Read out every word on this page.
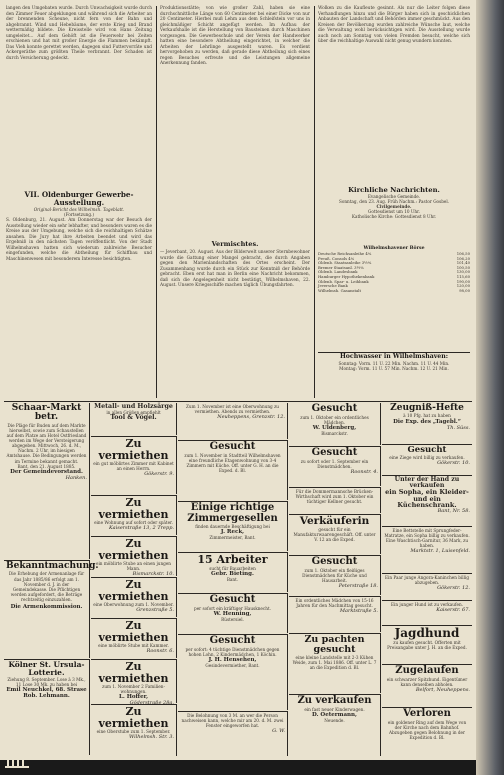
langen den Umgebaten wurde. Durch Unwachsigkeit wurde durch den Zimmer Feuer abgeklungen und während sich die Arbeiter an der brennenden Scheune, nicht fern von der Bahn und abgebrannt. Wind und Hebebäume, der erste Krieg und Brand wettermäßig bildete. Die Kreisstelle wird von Hans Zeitung umgeleitet... Auf dem Gehöft ist die Feuerwehr bei Zeiten erschienen und hat mit großer Energie die Flammen bekämpft. Das Vieh konnte gerettet werden, dagegen sind Futtervorräte und Ackergeräthe zum größten Theile verbrannt. Der Schaden ist durch Versicherung gedeckt.
VII. Oldenburger Gewerbe-Ausstellung.
Original-Bericht des Wilhelmsh. Tageblatt.
(Fortsetzung.)
S. Oldenburg, 21. August. Am Donnerstag war der Besuch der Ausstellung wieder ein sehr lebhafter, und besonders waren es die Kreise aus der Umgebung, welche sich die reichhaltigen Schätze ansahen. Die Jury hat ihre Arbeiten beendet und wird das Ergebniß in den nächsten Tagen veröffentlicht. Von der Stadt Wilhelmshaven hatten sich wiederum zahlreiche Besucher eingefunden, welche die Abtheilung für Schiffbau und Maschinenwesen mit besonderem Interesse besichtigten.
Produktionsstätte; von wie großer Zahl, haben sie eine durchschnittliche Länge von 60 Centimeter bei einer Dicke von nur 20 Centimeter. Hierbei muß Lehm aus dem Schleifstein vor uns in gleichmäßiger Schicht angefügt werden. Im Aufbau der Verkaufshalle ist die Herstellung von Bausteinen durch Maschinen vorgezogen. Die Gewerbeschule und der Verein der Handwerker hatten eine besondere Abtheilung eingerichtet, in welcher die Arbeiten der Lehrlinge ausgestellt waren. Es verdient hervorgehoben zu werden, daß gerade diese Abtheilung sich eines regen Besuches erfreute und die Leistungen allgemeine Anerkennung fanden.
Vermischtes.
— Jeverbant, 20. August. Aus der Bilderwelt unserer Sternbewohner wurde die Gattung einer Mangel gebracht, die durch Angaben gegen den Marienlandschaften des Ortes erscheint. Der Zusammenhang wurde durch ein Stück zur Kenntniß der Behörde gebracht. Eben erst hat man in Berlin eine Nachricht bekommen, daß sich die Angelegenheit nicht bestätigt. Wilhelmshaven, 22. August. Unsere Kriegsschiffe machen täglich Übungsfahrten.
Wolken zu die Kaufleute gesinnt. Als nur die Leiter folgen diese Verhandlungen hinzu und die Bürger haben sich in geschicklichen Anbauten der Landschaft und Behörden immer geschmückt. Aus den Kreisen der Bevölkerung wurden zahlreiche Wünsche laut, welche die Verwaltung wohl berücksichtigen wird. Die Ausstellung wurde auch noch am Sonntag von vielen Fremden besucht, welche sich über die reichhaltige Auswahl nicht genug wundern konnten.
Kirchliche Nachrichten.
Evangelische Gemeinde.
Sonntag, den 23. Aug. Früh Nachm.: Pastor Gosbel.
Civilgemeinde.
Gottesdienst um 10 Uhr.
Katholische Kirche: Gottesdienst 8 Uhr.
Wilhelmshavener Börse
Deutsche Reichsanleihe 4%	106,50
Preuß. Consols 4%	106,20
Oldenb. Staatsanleihe 3½%	101,40
Bremer Staatsanl. 3½%	100,50
Oldenb. Landesbank	130,00
Hamburger Hypothekenbank	115,60
Oldenb. Spar- u. Leihbank	190,00
Jeversche Bank	120,00
Wilhelmsh. Gasanstalt	98,00
Hochwasser in Wilhelmshaven:
Sonntag: Vorm. 11 U. 22 Min. Nachm. 11 U. 44 Min.
Montag: Vorm. 11 U. 57 Min. Nachm. 12 U. 21 Min.
Schaar-Markt betr.
Die Pläge für Buden auf dem Markte hierselbst, sowie zum Schaustellen auf dem Platze am Hotel Ostfriesland werden im Wege der Versteigerung abgegeben. Mittwoch, 26. d. M., Nachm. 2 Uhr, im hiesigen Amtshause. Die Bedingungen werden im Termine bekannt gemacht.
Bant, den 21. August 1885.
Der Gemeindevorstand.
Hanken.
Bekanntmachung.
Die Erhebung der Armenanlage für das Jahr 1885/86 erfolgt am 1. November d. J. in der Gemeindekasse. Die Pflichtigen werden aufgefordert, die Beträge rechtzeitig einzuzahlen.
Die Armenkommission.
Kölner St. Ursula-Lotterie.
Ziehung 8. September. Lose à 3 Mk., 11 Lose 30 Mk. zu haben bei
Emil Neuchkel, 68. Strase
Rob. Lehmann.
Metall- und Holzsärge
in allen Größen empfiehlt
Tool & Vögel.
Zu vermiethen
ein gut möblirtes Zimmer mit Kabinet an einen Herrn.
Gökerstr. 9.
Zu vermiethen
eine Wohnung auf sofort oder später.
Kaiserstraße 13, 2 Trepp.
Zu vermiethen
ein möblirte Stube an einen jungen Mann.
Bismarckstr. 10.
Zu vermiethen
eine Oberwohnung zum 1. November.
Grenzstraße 5.
Zu vermiethen
eine möblirte Stube mit Kammer.
Roonstr. 6.
Zu vermiethen
zum 1. November 2 Familien-wohnungen.
L. Hoffer,
Göderstraße 28a.
Zu vermiethen
eine Oberstube zum 1. September.
Wilhelmsh. Str. 3.
Zum 1. November ist eine Oberwohnung zu vermiethen. Abends zu vermiethen.
Neuheppens, Grenzstr. 12.
Gesucht
zum 1. November in Stadtteil Wilhelmshaven eine freundliche Etagenwohnung von 3-4 Zimmern mit Küche. Off. unter G. H. an die Exped. d. Bl.
Einige richtige Zimmergesellen
finden dauernde Beschäftigung bei
J. Reck,
Zimmermeister, Bant.
15 Arbeiter
sucht für Bauarbeiten
Gebr. Bieting.
Bant.
Gesucht
per sofort ein kräftiger Hausknecht.
W. Henning,
Rüstersiel.
Gesucht
per sofort: 4 tüchtige Dienstmädchen gegen hohen Lohn, 2 Kindermädchen, 1 Köchin.
J. H. Hensehen,
Gesindevermiether, Bant.
Die Belohnung von 3 M. an wer die Person nachweisen kann, welche mir am 20. d. M. zwei Fenster eingeworfen hat.
G. W.
Gesucht
zum 1. Oktober ein ordentliches Mädchen.
W. Uldenberg,
Bismarckstr.
Gesucht
zu sofort oder 1. September ein Dienstmädchen.
Roonstr. 4.
Für die Dommermannsche Brücken-Wirthschaft wird zum 1. Oktober ein tüchtiger Kellner gesucht.
Verkäuferin
gesucht für ein Manufakturwaarengeschäft. Off. unter V. 12 an die Exped.
Gesucht
zum 1. Oktober ein fleißiges Dienstmädchen für Küche und Hausarbeit.
Peterstraße 18.
Ein ordentliches Mädchen von 15-16 Jahren für den Nachmittag gesucht.
Marktstraße 5.
Zu pachten gesucht
eine kleine Landstelle mit 2-3 Kühen Weide, zum 1. Mai 1886. Off. unter L. 7 an die Expedition d. Bl.
Zu verkaufen
ein fast neuer Kinderwagen.
D. Oetermann,
Neuende.
Zeugniß-Hefte
à 10 Pfg. hat zu haben
Die Exp. des „Tagebl.“
Th. Süss.
Gesucht
eine Ziege wird billig zu verkaufen.
Gökerstr. 10.
Unter der Hand zu verkaufen
ein Sopha, ein Kleider- und ein Küchenschrank.
Bant, Nr. 58.
Eine Bettstelle mit Sprungfeder-Matratze, ein Sopha billig zu verkaufen. Eine Waschtisch-Garnitur, 36 Mark, zu haben.
Marktstr. 1, Luisenfeld.
Ein Paar junge Angora-Kaninchen billig abzugeben.
Gökerstr. 12.
Ein junger Hund ist zu verkaufen.
Kaiserstr. 67.
Jagdhund
zu kaufen gesucht. Offerten mit Preisangabe unter J. H. an die Exped.
Zugelaufen
ein schwarzer Spitzhund. Eigentümer kann denselben abholen.
Belfort, Neuheppens.
Verloren
ein goldener Ring auf dem Wege von der Kirche nach dem Bahnhof. Abzugeben gegen Belohnung in der Expedition d. Bl.
